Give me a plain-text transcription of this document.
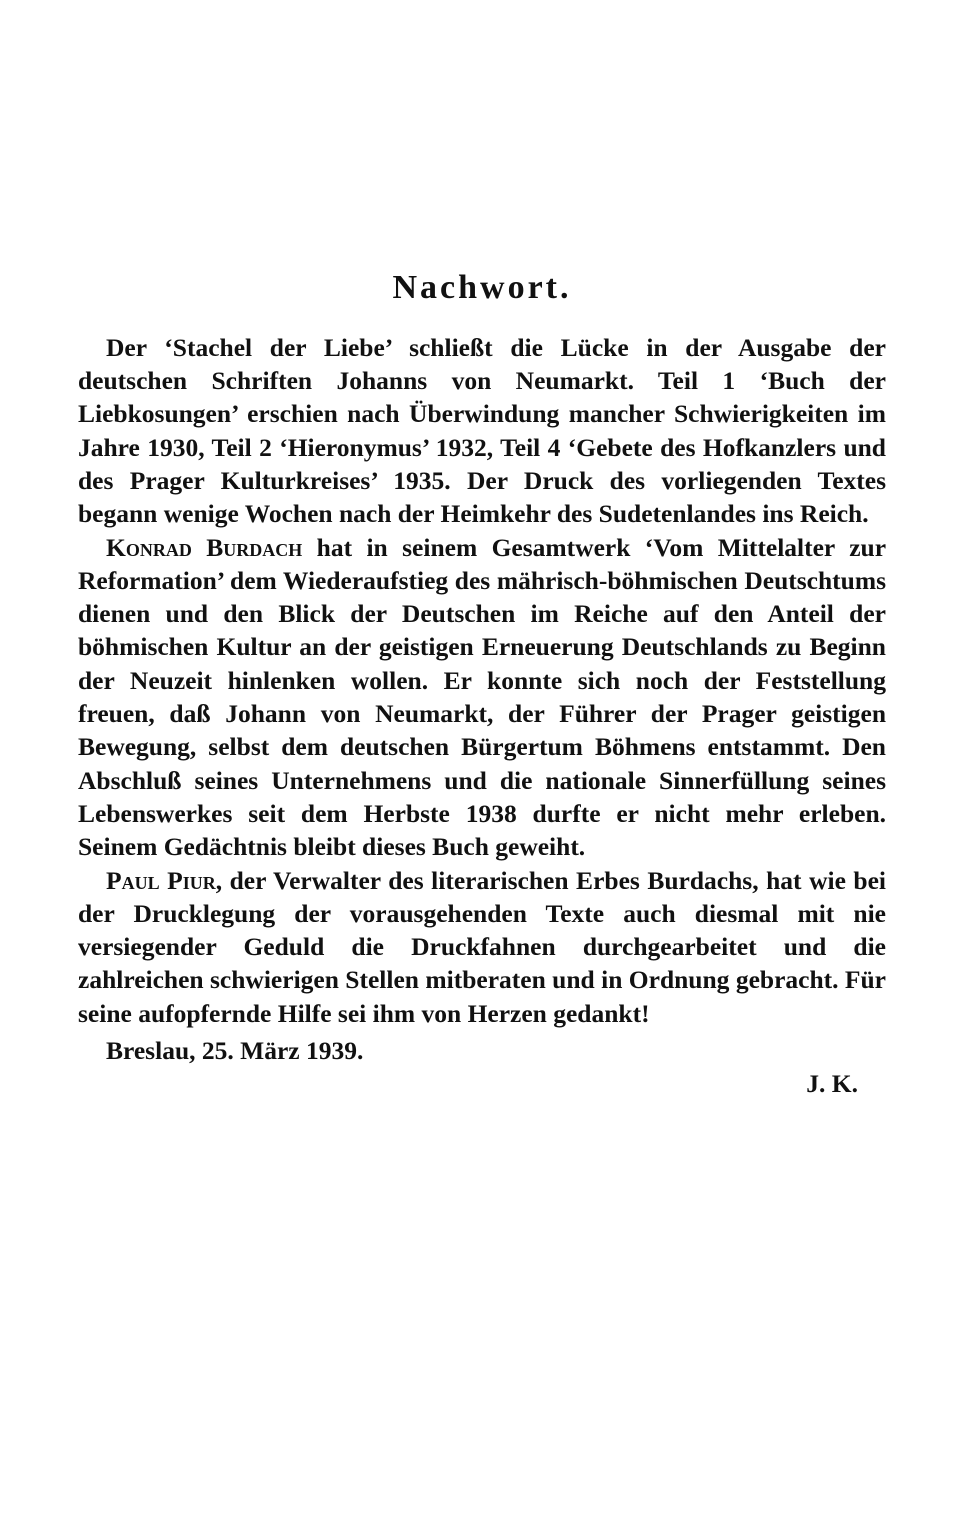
Nachwort.

Der ‘Stachel der Liebe’ schließt die Lücke in der Ausgabe der deutschen Schriften Johanns von Neumarkt. Teil 1 ‘Buch der Liebkosungen’ erschien nach Überwindung mancher Schwierigkeiten im Jahre 1930, Teil 2 ‘Hieronymus’ 1932, Teil 4 ‘Gebete des Hofkanzlers und des Prager Kulturkreises’ 1935. Der Druck des vorliegenden Textes begann wenige Wochen nach der Heimkehr des Sudetenlandes ins Reich.

Konrad Burdach hat in seinem Gesamtwerk ‘Vom Mittelalter zur Reformation’ dem Wiederaufstieg des mährisch-böhmischen Deutschtums dienen und den Blick der Deutschen im Reiche auf den Anteil der böhmischen Kultur an der geistigen Erneuerung Deutschlands zu Beginn der Neuzeit hinlenken wollen. Er konnte sich noch der Feststellung freuen, daß Johann von Neumarkt, der Führer der Prager geistigen Bewegung, selbst dem deutschen Bürgertum Böhmens entstammt. Den Abschluß seines Unternehmens und die nationale Sinnerfüllung seines Lebenswerkes seit dem Herbste 1938 durfte er nicht mehr erleben. Seinem Gedächtnis bleibt dieses Buch geweiht.

Paul Piur, der Verwalter des literarischen Erbes Burdachs, hat wie bei der Drucklegung der vorausgehenden Texte auch diesmal mit nie versiegender Geduld die Druckfahnen durchgearbeitet und die zahlreichen schwierigen Stellen mitberaten und in Ordnung gebracht. Für seine aufopfernde Hilfe sei ihm von Herzen gedankt!

Breslau, 25. März 1939.

J. K.
